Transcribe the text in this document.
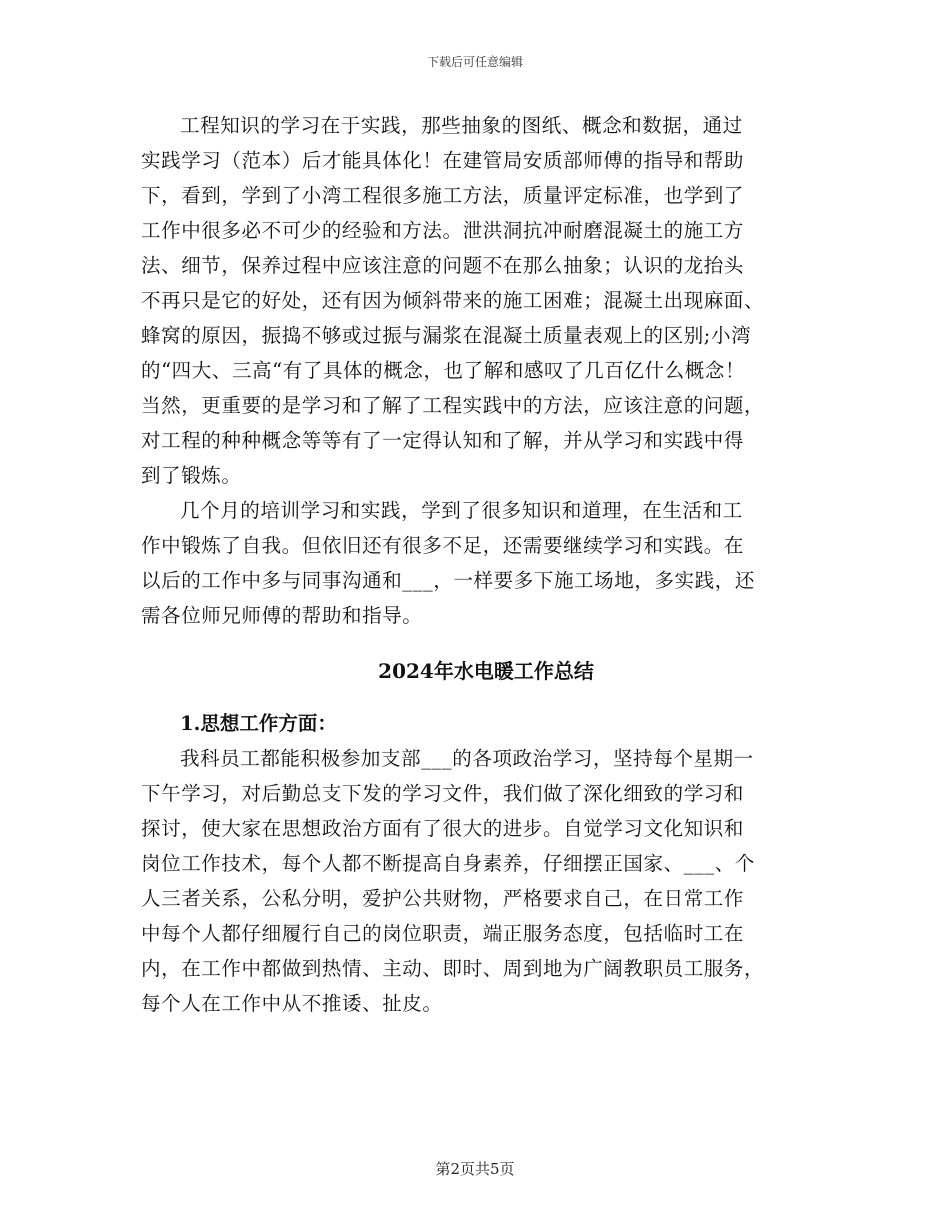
下载后可任意编辑

工程知识的学习在于实践，那些抽象的图纸、概念和数据，通过
实践学习（范本）后才能具体化！在建管局安质部师傅的指导和帮助
下，看到，学到了小湾工程很多施工方法，质量评定标准，也学到了
工作中很多必不可少的经验和方法。泄洪洞抗冲耐磨混凝土的施工方
法、细节，保养过程中应该注意的问题不在那么抽象；认识的龙抬头
不再只是它的好处，还有因为倾斜带来的施工困难；混凝土出现麻面、
蜂窝的原因，振捣不够或过振与漏浆在混凝土质量表观上的区别;小湾
的“四大、三高“有了具体的概念，也了解和感叹了几百亿什么概念！
当然，更重要的是学习和了解了工程实践中的方法，应该注意的问题，
对工程的种种概念等等有了一定得认知和了解，并从学习和实践中得
到了锻炼。

几个月的培训学习和实践，学到了很多知识和道理，在生活和工
作中锻炼了自我。但依旧还有很多不足，还需要继续学习和实践。在
以后的工作中多与同事沟通和___，一样要多下施工场地，多实践，还
需各位师兄师傅的帮助和指导。

2024年水电暖工作总结

1.思想工作方面：

我科员工都能积极参加支部___的各项政治学习，坚持每个星期一
下午学习，对后勤总支下发的学习文件，我们做了深化细致的学习和
探讨，使大家在思想政治方面有了很大的进步。自觉学习文化知识和
岗位工作技术，每个人都不断提高自身素养，仔细摆正国家、___、个
人三者关系，公私分明，爱护公共财物，严格要求自己，在日常工作
中每个人都仔细履行自己的岗位职责，端正服务态度，包括临时工在
内，在工作中都做到热情、主动、即时、周到地为广阔教职员工服务，
每个人在工作中从不推诿、扯皮。

第2页共5页
